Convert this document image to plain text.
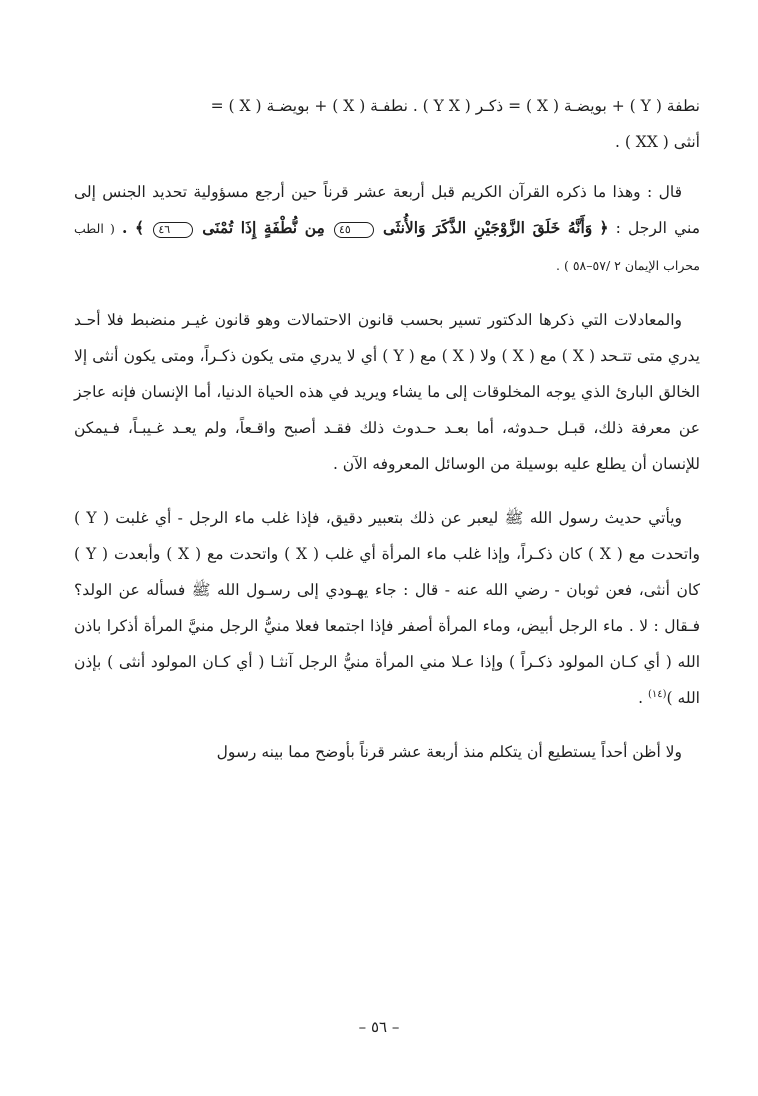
نطفة ( Y ) + بويضـة ( X ) = ذكـر ( Y X ) . نطفـة ( X ) + بويضـة ( X ) =
أنثى ( XX ) .

قال : وهذا ما ذكره القرآن الكريم قبل أربعة عشر قرناً حين أرجع مسؤولية تحديد الجنس إلى مني الرجل : ﴿ وَأَنَّهُ خَلَقَ الزَّوْجَيْنِ الذَّكَرَ وَالأُنثَى ٤٥ مِن نُّطْفَةٍ إِذَا تُمْنَى ٤٦ ﴾ . ( الطب محراب الإيمان ٢ /٥٧–٥٨ ) .

والمعادلات التي ذكرها الدكتور تسير بحسب قانون الاحتمالات وهو قانون غيـر منضبط فلا أحـد يدري متى تتـحد ( X ) مع ( X ) ولا ( X ) مع ( Y ) أي لا يدري متى يكون ذكـراً، ومتى يكون أنثى إلا الخالق البارئ الذي يوجه المخلوقات إلى ما يشاء ويريد في هذه الحياة الدنيا، أما الإنسان فإنه عاجز عن معرفة ذلك، قبـل حـدوثه، أما بعـد حـدوث ذلك فقـد أصبح واقـعاً، ولم يعـد غـيبـاً، فـيمكن للإنسان أن يطلع عليه بوسيلة من الوسائل المعروفه الآن .

ويأتي حديث رسول الله ﷺ ليعبر عن ذلك بتعبير دقيق، فإذا غلب ماء الرجل - أي غلبت ( Y ) واتحدت مع ( X ) كان ذكـراً، وإذا غلب ماء المرأة أي غلب ( X ) واتحدت مع ( X ) وأبعدت ( Y ) كان أنثى، فعن ثوبان - رضي الله عنه - قال : جاء يهـودي إلى رسـول الله ﷺ فسأله عن الولد؟ فـقال : لا . ماء الرجل أبيض، وماء المرأة أصفر فإذا اجتمعا فعلا منيُّ الرجل منيَّ المرأة أذكرا باذن الله ( أي كـان المولود ذكـراً ) وإذا عـلا مني المرأة منيُّ الرجل آنثـا ( أي كـان المولود أنثى ) بإذن الله )$^{(١٤)}$ .

ولا أظن أحداً يستطيع أن يتكلم منذ أربعة عشر قرناً بأوضح مما بينه رسول

– ٥٦ –
